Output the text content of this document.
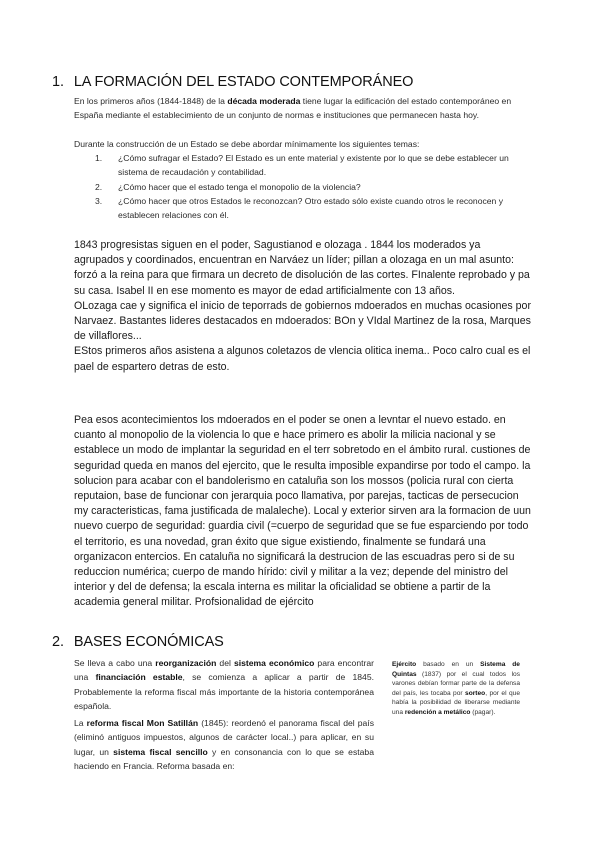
1. LA FORMACIÓN DEL ESTADO CONTEMPORÁNEO
En los primeros años (1844-1848) de la década moderada tiene lugar la edificación del estado contemporáneo en España mediante el establecimiento de un conjunto de normas e instituciones que permanecen hasta hoy.
Durante la construcción de un Estado se debe abordar mínimamente los siguientes temas:
1. ¿Cómo sufragar el Estado? El Estado es un ente material y existente por lo que se debe establecer un sistema de recaudación y contabilidad.
2. ¿Cómo hacer que el estado tenga el monopolio de la violencia?
3. ¿Cómo hacer que otros Estados le reconozcan? Otro estado sólo existe cuando otros le reconocen y establecen relaciones con él.
1843 progresistas siguen en el poder, Sagustianod e olozaga . 1844 los moderados ya agrupados y coordinados, encuentran en Narváez un líder; pillan a olozaga en un mal asunto: forzó a la reina para que firmara un decreto de disolución de las cortes. FInalente reprobado y pa su casa. Isabel II en ese momento es mayor de edad artificialmente con 13 años.
OLozaga cae y significa el inicio de teporrads de gobiernos mdoerados en muchas ocasiones por Narvaez. Bastantes lideres destacados en mdoerados: BOn y VIdal Martinez de la rosa, Marques de villaflores...
EStos primeros años asistena a algunos coletazos de vlencia olitica inema.. Poco calro cual es el pael de espartero detras de esto.
Pea esos acontecimientos los mdoerados en el poder se onen a levntar el nuevo estado. en cuanto al monopolio de la violencia lo que e hace primero es abolir la milicia nacional y se establece un modo de implantar la seguridad en el terr sobretodo en el ámbito rural. custiones de seguridad queda en manos del ejercito, que le resulta imposible expandirse por todo el campo. la solucion para acabar con el bandolerismo en cataluña son los mossos (policia rural con cierta reputaion, base de funcionar con jerarquia poco llamativa, por parejas, tacticas de persecucion my caracteristicas, fama justificada de malaleche). Local y exterior sirven ara la formacion de uun nuevo cuerpo de seguridad: guardia civil (=cuerpo de seguridad que se fue esparciendo por todo el territorio, es una novedad, gran éxito que sigue existiendo, finalmente se fundará una organizacon entercios. En cataluña no significará la destrucion de las escuadras pero si de su reduccion numérica; cuerpo de mando hírido: civil y militar a la vez; depende del ministro del interior y del de defensa; la escala interna es militar la oficialidad se obtiene a partir de la academia general militar. Profsionalidad de ejército
2. BASES ECONÓMICAS
Se lleva a cabo una reorganización del sistema económico para encontrar una financiación estable, se comienza a aplicar a partir de 1845. Probablemente la reforma fiscal más importante de la historia contemporánea española.
La reforma fiscal Mon Satillán (1845): reordenó el panorama fiscal del país (eliminó antiguos impuestos, algunos de carácter local..) para aplicar, en su lugar, un sistema fiscal sencillo y en consonancia con lo que se estaba haciendo en Francia. Reforma basada en:
Ejército basado en un Sistema de Quintas (1837) por el cual todos los varones debían formar parte de la defensa del país, les tocaba por sorteo, por el que había la posibilidad de liberarse mediante una redención a metálico (pagar).
